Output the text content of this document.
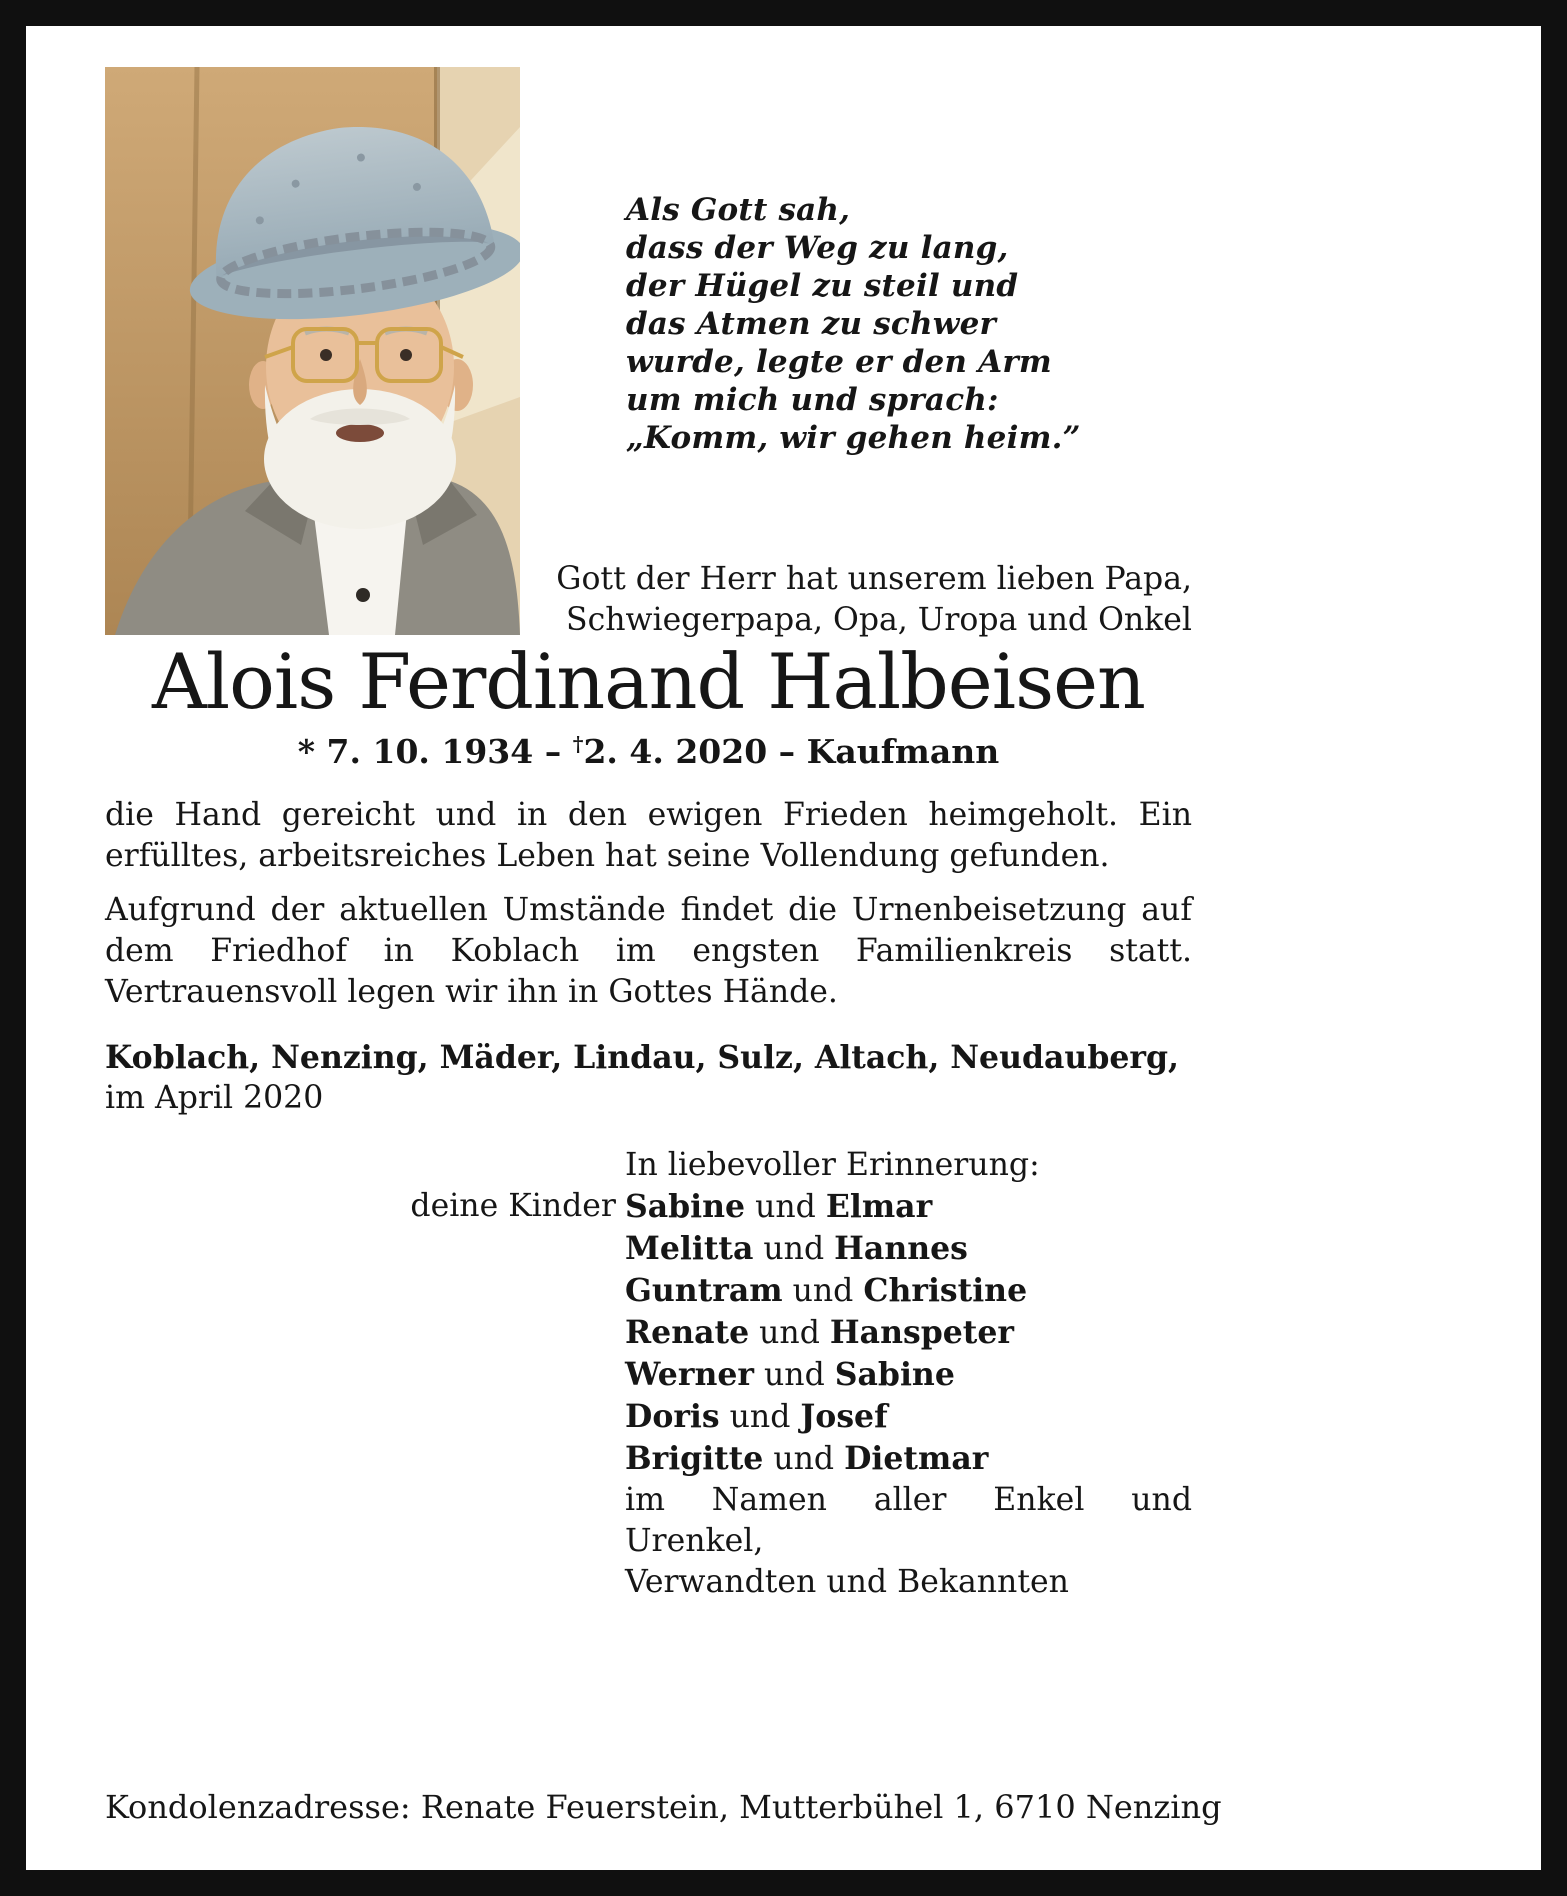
Als Gott sah,
dass der Weg zu lang,
der Hügel zu steil und
das Atmen zu schwer
wurde, legte er den Arm
um mich und sprach:
„Komm, wir gehen heim.”
Gott der Herr hat unserem lieben Papa,
Schwiegerpapa, Opa, Uropa und Onkel
Alois Ferdinand Halbeisen
* 7. 10. 1934 – †2. 4. 2020 – Kaufmann

die Hand gereicht und in den ewigen Frieden heimgeholt. Ein erfülltes, arbeitsreiches Leben hat seine Vollendung gefunden.

Aufgrund der aktuellen Umstände findet die Urnenbeisetzung auf dem Friedhof in Koblach im engsten Familienkreis statt. Vertrauensvoll legen wir ihn in Gottes Hände.

Koblach, Nenzing, Mäder, Lindau, Sulz, Altach, Neudauberg,
im April 2020
In liebevoller Erinnerung:
deine Kinder Sabine und Elmar
Melitta und Hannes
Guntram und Christine
Renate und Hanspeter
Werner und Sabine
Doris und Josef
Brigitte und Dietmar
im Namen aller Enkel und Urenkel,
Verwandten und Bekannten
Kondolenzadresse: Renate Feuerstein, Mutterbühel 1, 6710 Nenzing
